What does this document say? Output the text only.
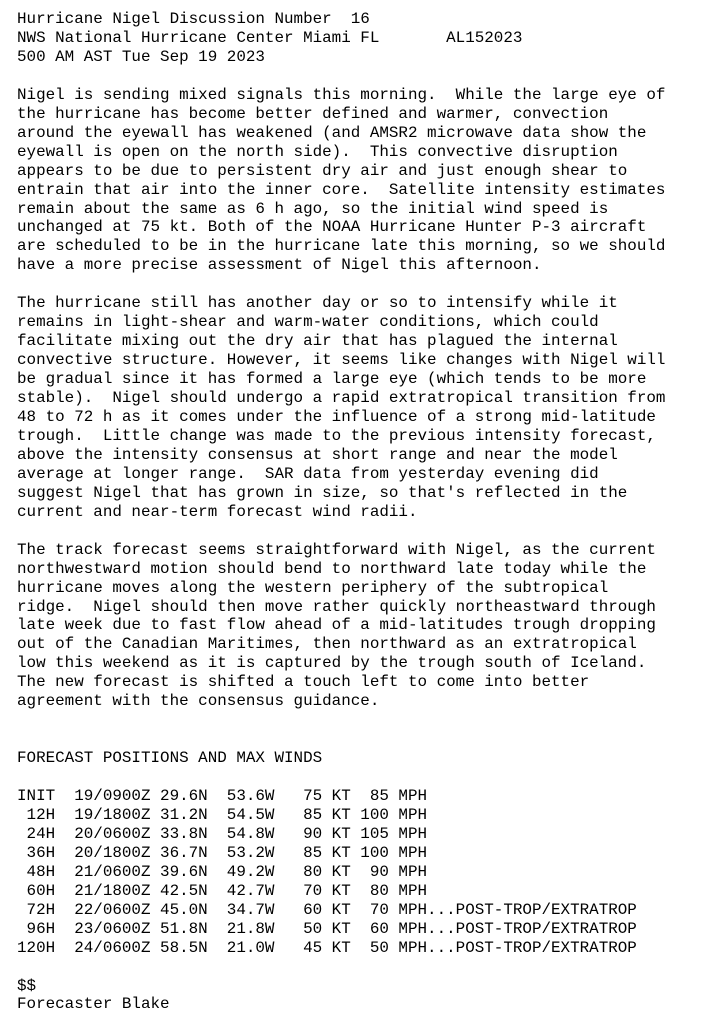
Hurricane Nigel Discussion Number  16
NWS National Hurricane Center Miami FL       AL152023
500 AM AST Tue Sep 19 2023
Nigel is sending mixed signals this morning.  While the large eye of
the hurricane has become better defined and warmer, convection
around the eyewall has weakened (and AMSR2 microwave data show the
eyewall is open on the north side).  This convective disruption
appears to be due to persistent dry air and just enough shear to
entrain that air into the inner core.  Satellite intensity estimates
remain about the same as 6 h ago, so the initial wind speed is
unchanged at 75 kt. Both of the NOAA Hurricane Hunter P-3 aircraft
are scheduled to be in the hurricane late this morning, so we should
have a more precise assessment of Nigel this afternoon.
The hurricane still has another day or so to intensify while it
remains in light-shear and warm-water conditions, which could
facilitate mixing out the dry air that has plagued the internal
convective structure. However, it seems like changes with Nigel will
be gradual since it has formed a large eye (which tends to be more
stable).  Nigel should undergo a rapid extratropical transition from
48 to 72 h as it comes under the influence of a strong mid-latitude
trough.  Little change was made to the previous intensity forecast,
above the intensity consensus at short range and near the model
average at longer range.  SAR data from yesterday evening did
suggest Nigel that has grown in size, so that's reflected in the
current and near-term forecast wind radii.
The track forecast seems straightforward with Nigel, as the current
northwestward motion should bend to northward late today while the
hurricane moves along the western periphery of the subtropical
ridge.  Nigel should then move rather quickly northeastward through
late week due to fast flow ahead of a mid-latitudes trough dropping
out of the Canadian Maritimes, then northward as an extratropical
low this weekend as it is captured by the trough south of Iceland.
The new forecast is shifted a touch left to come into better
agreement with the consensus guidance.
FORECAST POSITIONS AND MAX WINDS
INIT  19/0900Z 29.6N  53.6W   75 KT  85 MPH
12H  19/1800Z 31.2N  54.5W   85 KT 100 MPH
24H  20/0600Z 33.8N  54.8W   90 KT 105 MPH
36H  20/1800Z 36.7N  53.2W   85 KT 100 MPH
48H  21/0600Z 39.6N  49.2W   80 KT  90 MPH
60H  21/1800Z 42.5N  42.7W   70 KT  80 MPH
72H  22/0600Z 45.0N  34.7W   60 KT  70 MPH...POST-TROP/EXTRATROP
96H  23/0600Z 51.8N  21.8W   50 KT  60 MPH...POST-TROP/EXTRATROP
120H  24/0600Z 58.5N  21.0W   45 KT  50 MPH...POST-TROP/EXTRATROP
$$
Forecaster Blake
